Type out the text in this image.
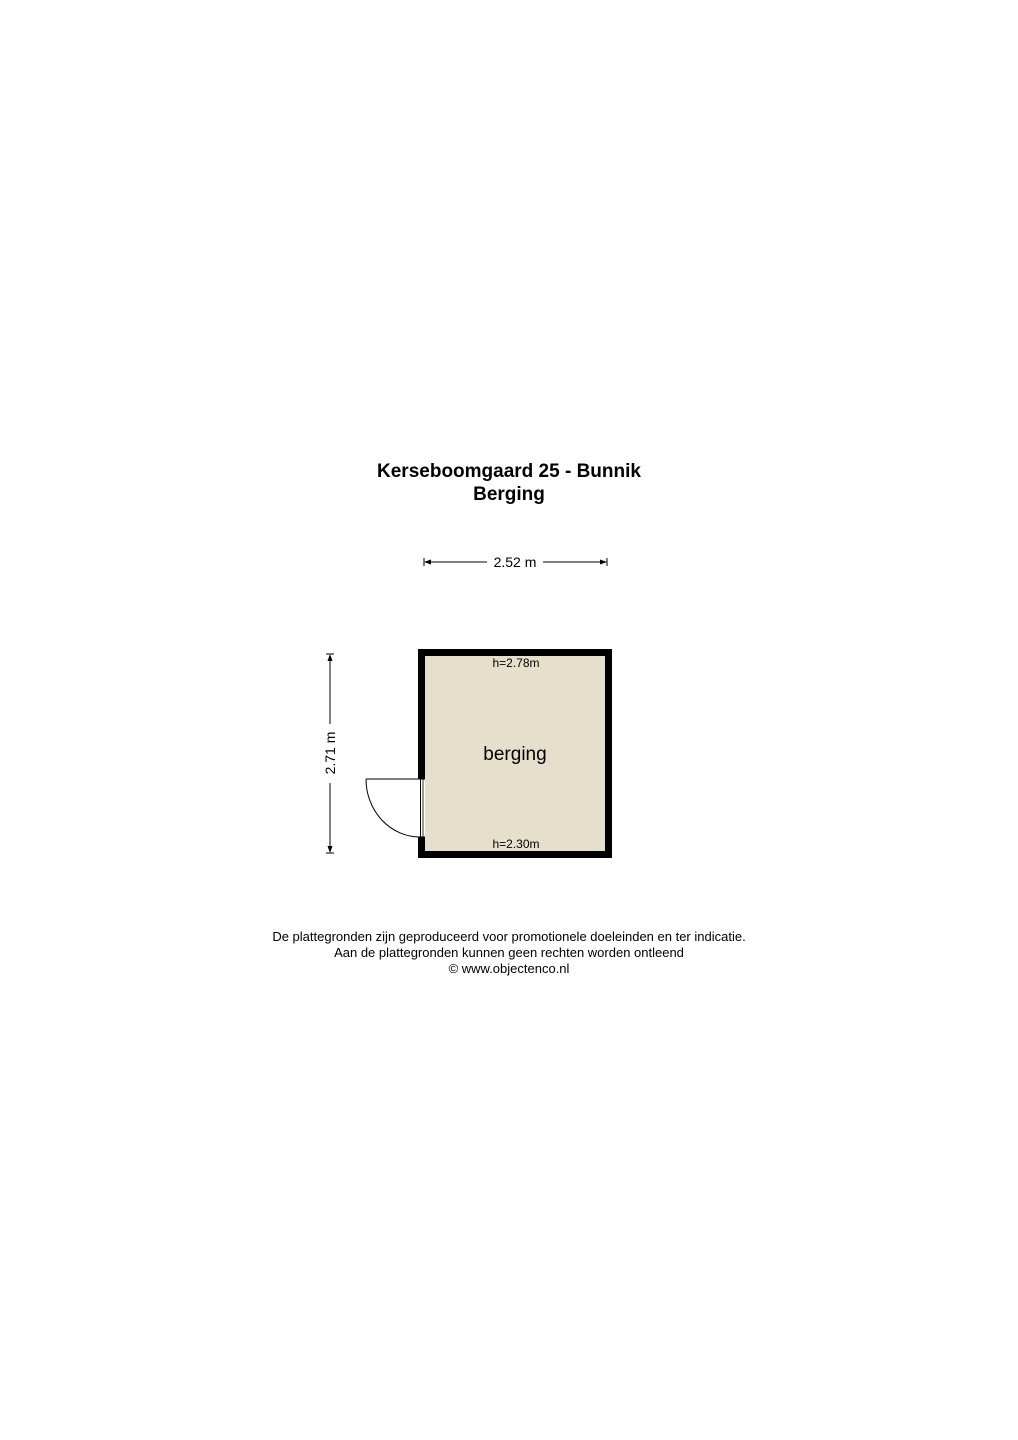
Kerseboomgaard 25 - Bunnik
Berging
2.52 m
2.71 m
h=2.78m
berging
h=2.30m
De plattegronden zijn geproduceerd voor promotionele doeleinden en ter indicatie.
Aan de plattegronden kunnen geen rechten worden ontleend
© www.objectenco.nl
